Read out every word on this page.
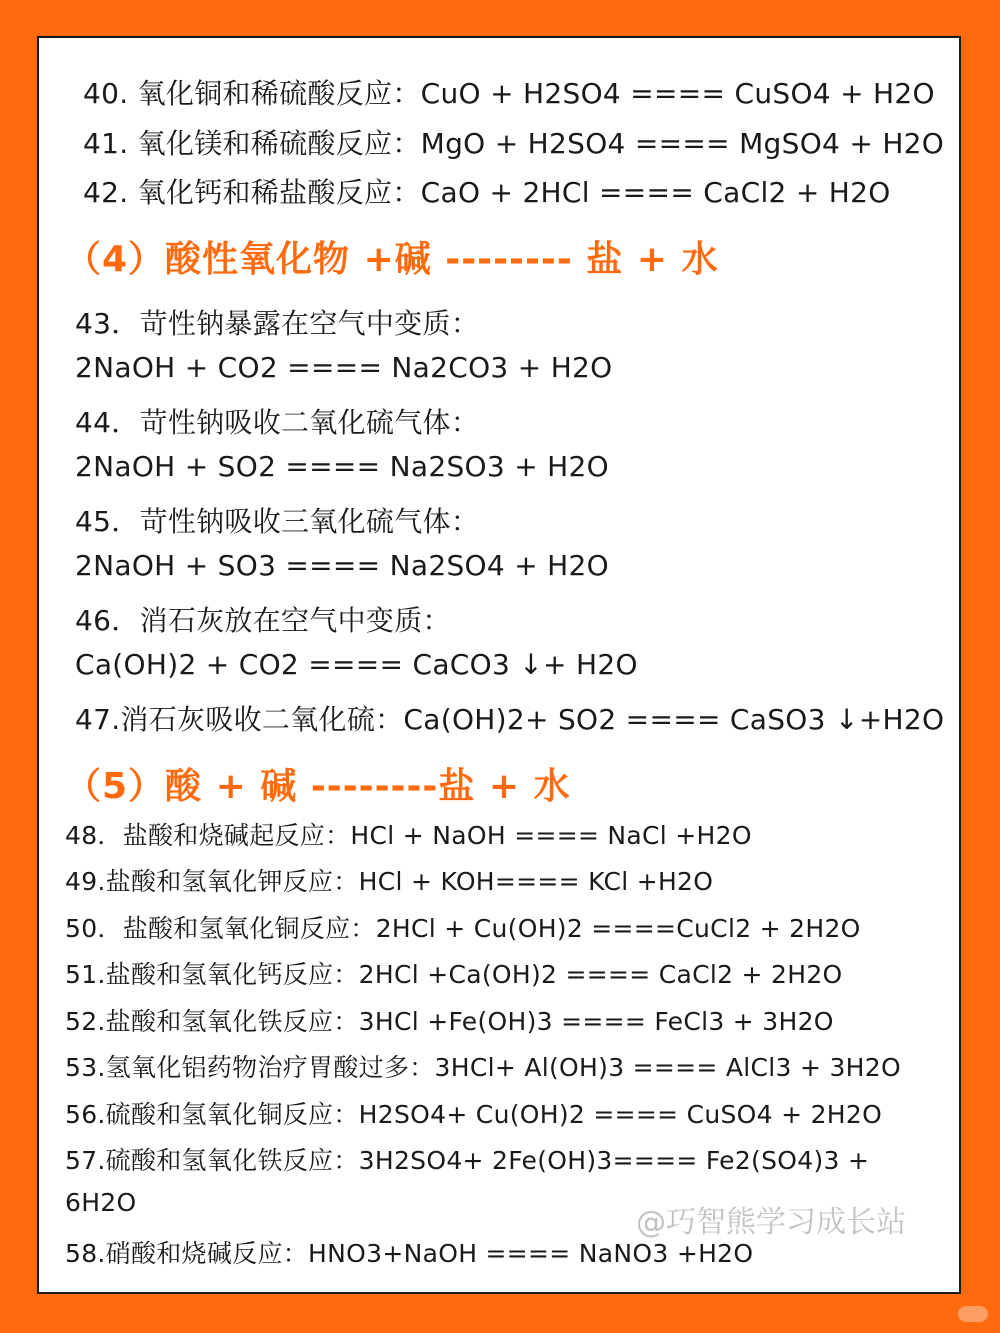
40. 氧化铜和稀硫酸反应：CuO + H2SO4 ==== CuSO4 + H2O
41. 氧化镁和稀硫酸反应：MgO + H2SO4 ==== MgSO4 + H2O
42. 氧化钙和稀盐酸反应：CaO + 2HCl ==== CaCl2 + H2O
（4）酸性氧化物 +碱 -------- 盐 + 水
43．苛性钠暴露在空气中变质：
2NaOH + CO2 ==== Na2CO3 + H2O
44．苛性钠吸收二氧化硫气体：
2NaOH + SO2 ==== Na2SO3 + H2O
45．苛性钠吸收三氧化硫气体：
2NaOH + SO3 ==== Na2SO4 + H2O
46．消石灰放在空气中变质：
Ca(OH)2 + CO2 ==== CaCO3 ↓+ H2O
47.消石灰吸收二氧化硫：Ca(OH)2+ SO2 ==== CaSO3 ↓+H2O
（5）酸 + 碱 --------盐 + 水
48．盐酸和烧碱起反应：HCl + NaOH ==== NaCl +H2O
49.盐酸和氢氧化钾反应：HCl + KOH==== KCl +H2O
50．盐酸和氢氧化铜反应：2HCl + Cu(OH)2 ====CuCl2 + 2H2O
51.盐酸和氢氧化钙反应：2HCl +Ca(OH)2 ==== CaCl2 + 2H2O
52.盐酸和氢氧化铁反应：3HCl +Fe(OH)3 ==== FeCl3 + 3H2O
53.氢氧化铝药物治疗胃酸过多：3HCl+ Al(OH)3 ==== AlCl3 + 3H2O
56.硫酸和氢氧化铜反应：H2SO4+ Cu(OH)2 ==== CuSO4 + 2H2O
57.硫酸和氢氧化铁反应：3H2SO4+ 2Fe(OH)3==== Fe2(SO4)3 +
6H2O
58.硝酸和烧碱反应：HNO3+NaOH ==== NaNO3 +H2O
@巧智熊学习成长站
